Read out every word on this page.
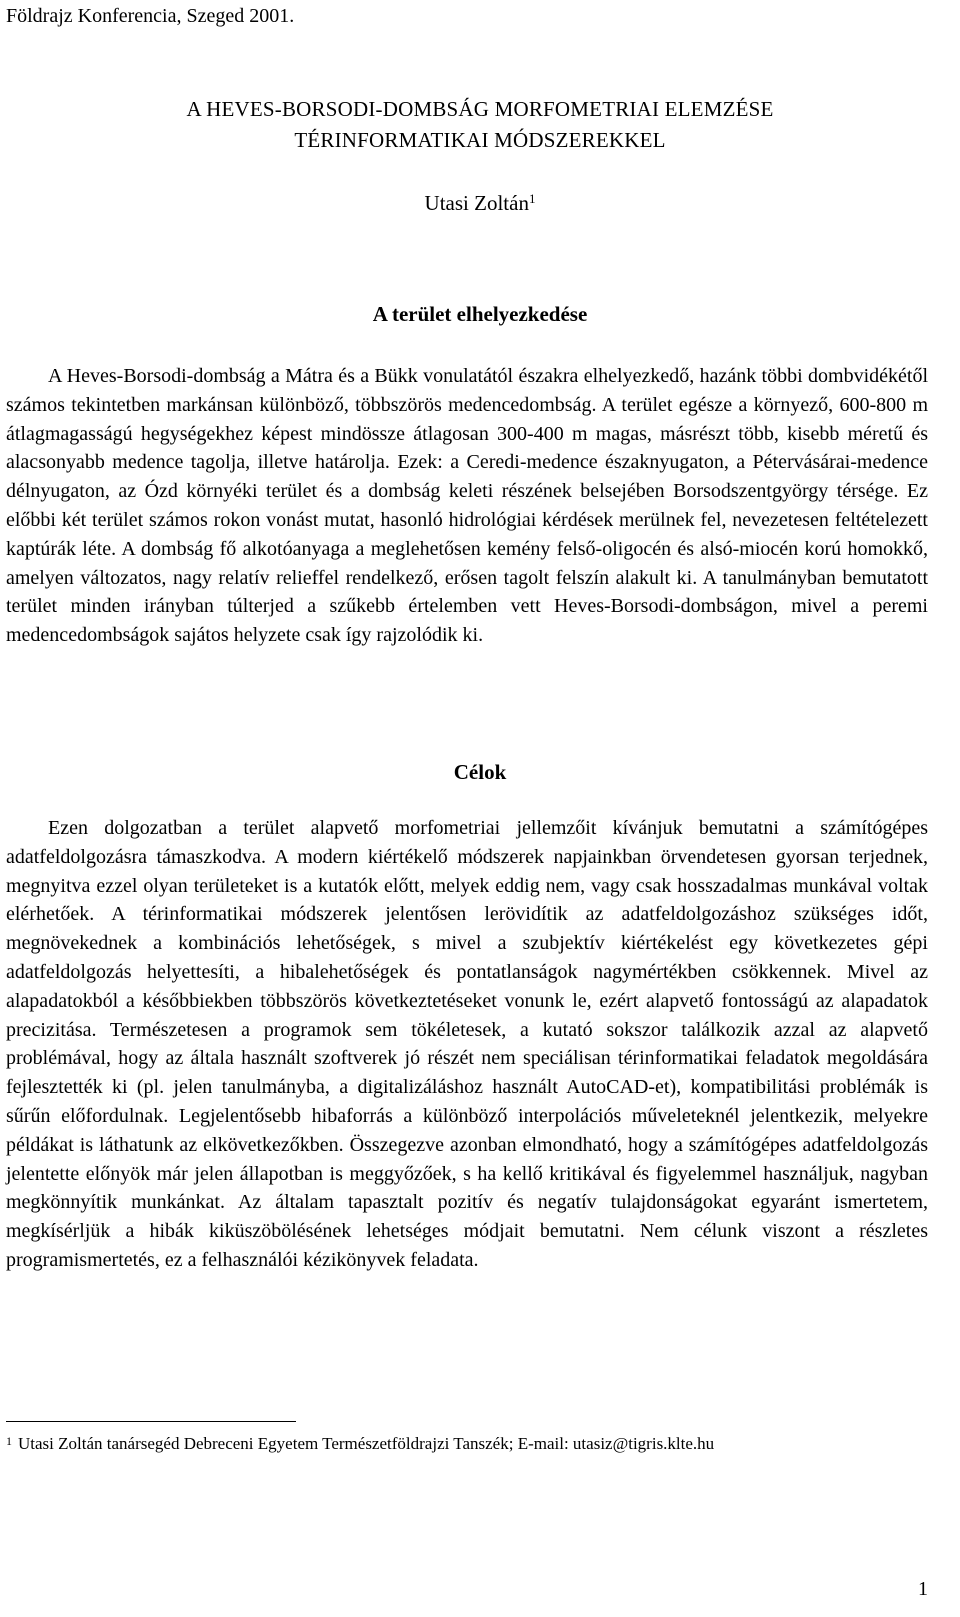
Földrajz Konferencia, Szeged 2001.
A HEVES-BORSODI-DOMBSÁG MORFOMETRIAI ELEMZÉSE
TÉRINFORMATIKAI MÓDSZEREKKEL
Utasi Zoltán$^1$
A terület elhelyezkedése
A Heves-Borsodi-dombság a Mátra és a Bükk vonulatától északra elhelyezkedő, hazánk többi dombvidékétől számos tekintetben markánsan különböző, többszörös medencedombság. A terület egésze a környező, 600-800 m átlagmagasságú hegységekhez képest mindössze átlagosan 300-400 m magas, másrészt több, kisebb méretű és alacsonyabb medence tagolja, illetve határolja. Ezek: a Ceredi-medence északnyugaton, a Pétervásárai-medence délnyugaton, az Ózd környéki terület és a dombság keleti részének belsejében Borsodszentgyörgy térsége. Ez előbbi két terület számos rokon vonást mutat, hasonló hidrológiai kérdések merülnek fel, nevezetesen feltételezett kaptúrák léte. A dombság fő alkotóanyaga a meglehetősen kemény felső-oligocén és alsó-miocén korú homokkő, amelyen változatos, nagy relatív relieffel rendelkező, erősen tagolt felszín alakult ki. A tanulmányban bemutatott terület minden irányban túlterjed a szűkebb értelemben vett Heves-Borsodi-dombságon, mivel a peremi medencedombságok sajátos helyzete csak így rajzolódik ki.
Célok
Ezen dolgozatban a terület alapvető morfometriai jellemzőit kívánjuk bemutatni a számítógépes adatfeldolgozásra támaszkodva. A modern kiértékelő módszerek napjainkban örvendetesen gyorsan terjednek, megnyitva ezzel olyan területeket is a kutatók előtt, melyek eddig nem, vagy csak hosszadalmas munkával voltak elérhetőek. A térinformatikai módszerek jelentősen lerövidítik az adatfeldolgozáshoz szükséges időt, megnövekednek a kombinációs lehetőségek, s mivel a szubjektív kiértékelést egy következetes gépi adatfeldolgozás helyettesíti, a hibalehetőségek és pontatlanságok nagymértékben csökkennek. Mivel az alapadatokból a későbbiekben többszörös következtetéseket vonunk le, ezért alapvető fontosságú az alapadatok precizitása. Természetesen a programok sem tökéletesek, a kutató sokszor találkozik azzal az alapvető problémával, hogy az általa használt szoftverek jó részét nem speciálisan térinformatikai feladatok megoldására fejlesztették ki (pl. jelen tanulmányba, a digitalizáláshoz használt AutoCAD-et), kompatibilitási problémák is sűrűn előfordulnak. Legjelentősebb hibaforrás a különböző interpolációs műveleteknél jelentkezik, melyekre példákat is láthatunk az elkövetkezőkben. Összegezve azonban elmondható, hogy a számítógépes adatfeldolgozás jelentette előnyök már jelen állapotban is meggyőzőek, s ha kellő kritikával és figyelemmel használjuk, nagyban megkönnyítik munkánkat. Az általam tapasztalt pozitív és negatív tulajdonságokat egyaránt ismertetem, megkísérljük a hibák kiküszöbölésének lehetséges módjait bemutatni. Nem célunk viszont a részletes programismertetés, ez a felhasználói kézikönyvek feladata.
$^1$ Utasi Zoltán tanársegéd Debreceni Egyetem Természetföldrajzi Tanszék; E-mail: utasiz@tigris.klte.hu
1
